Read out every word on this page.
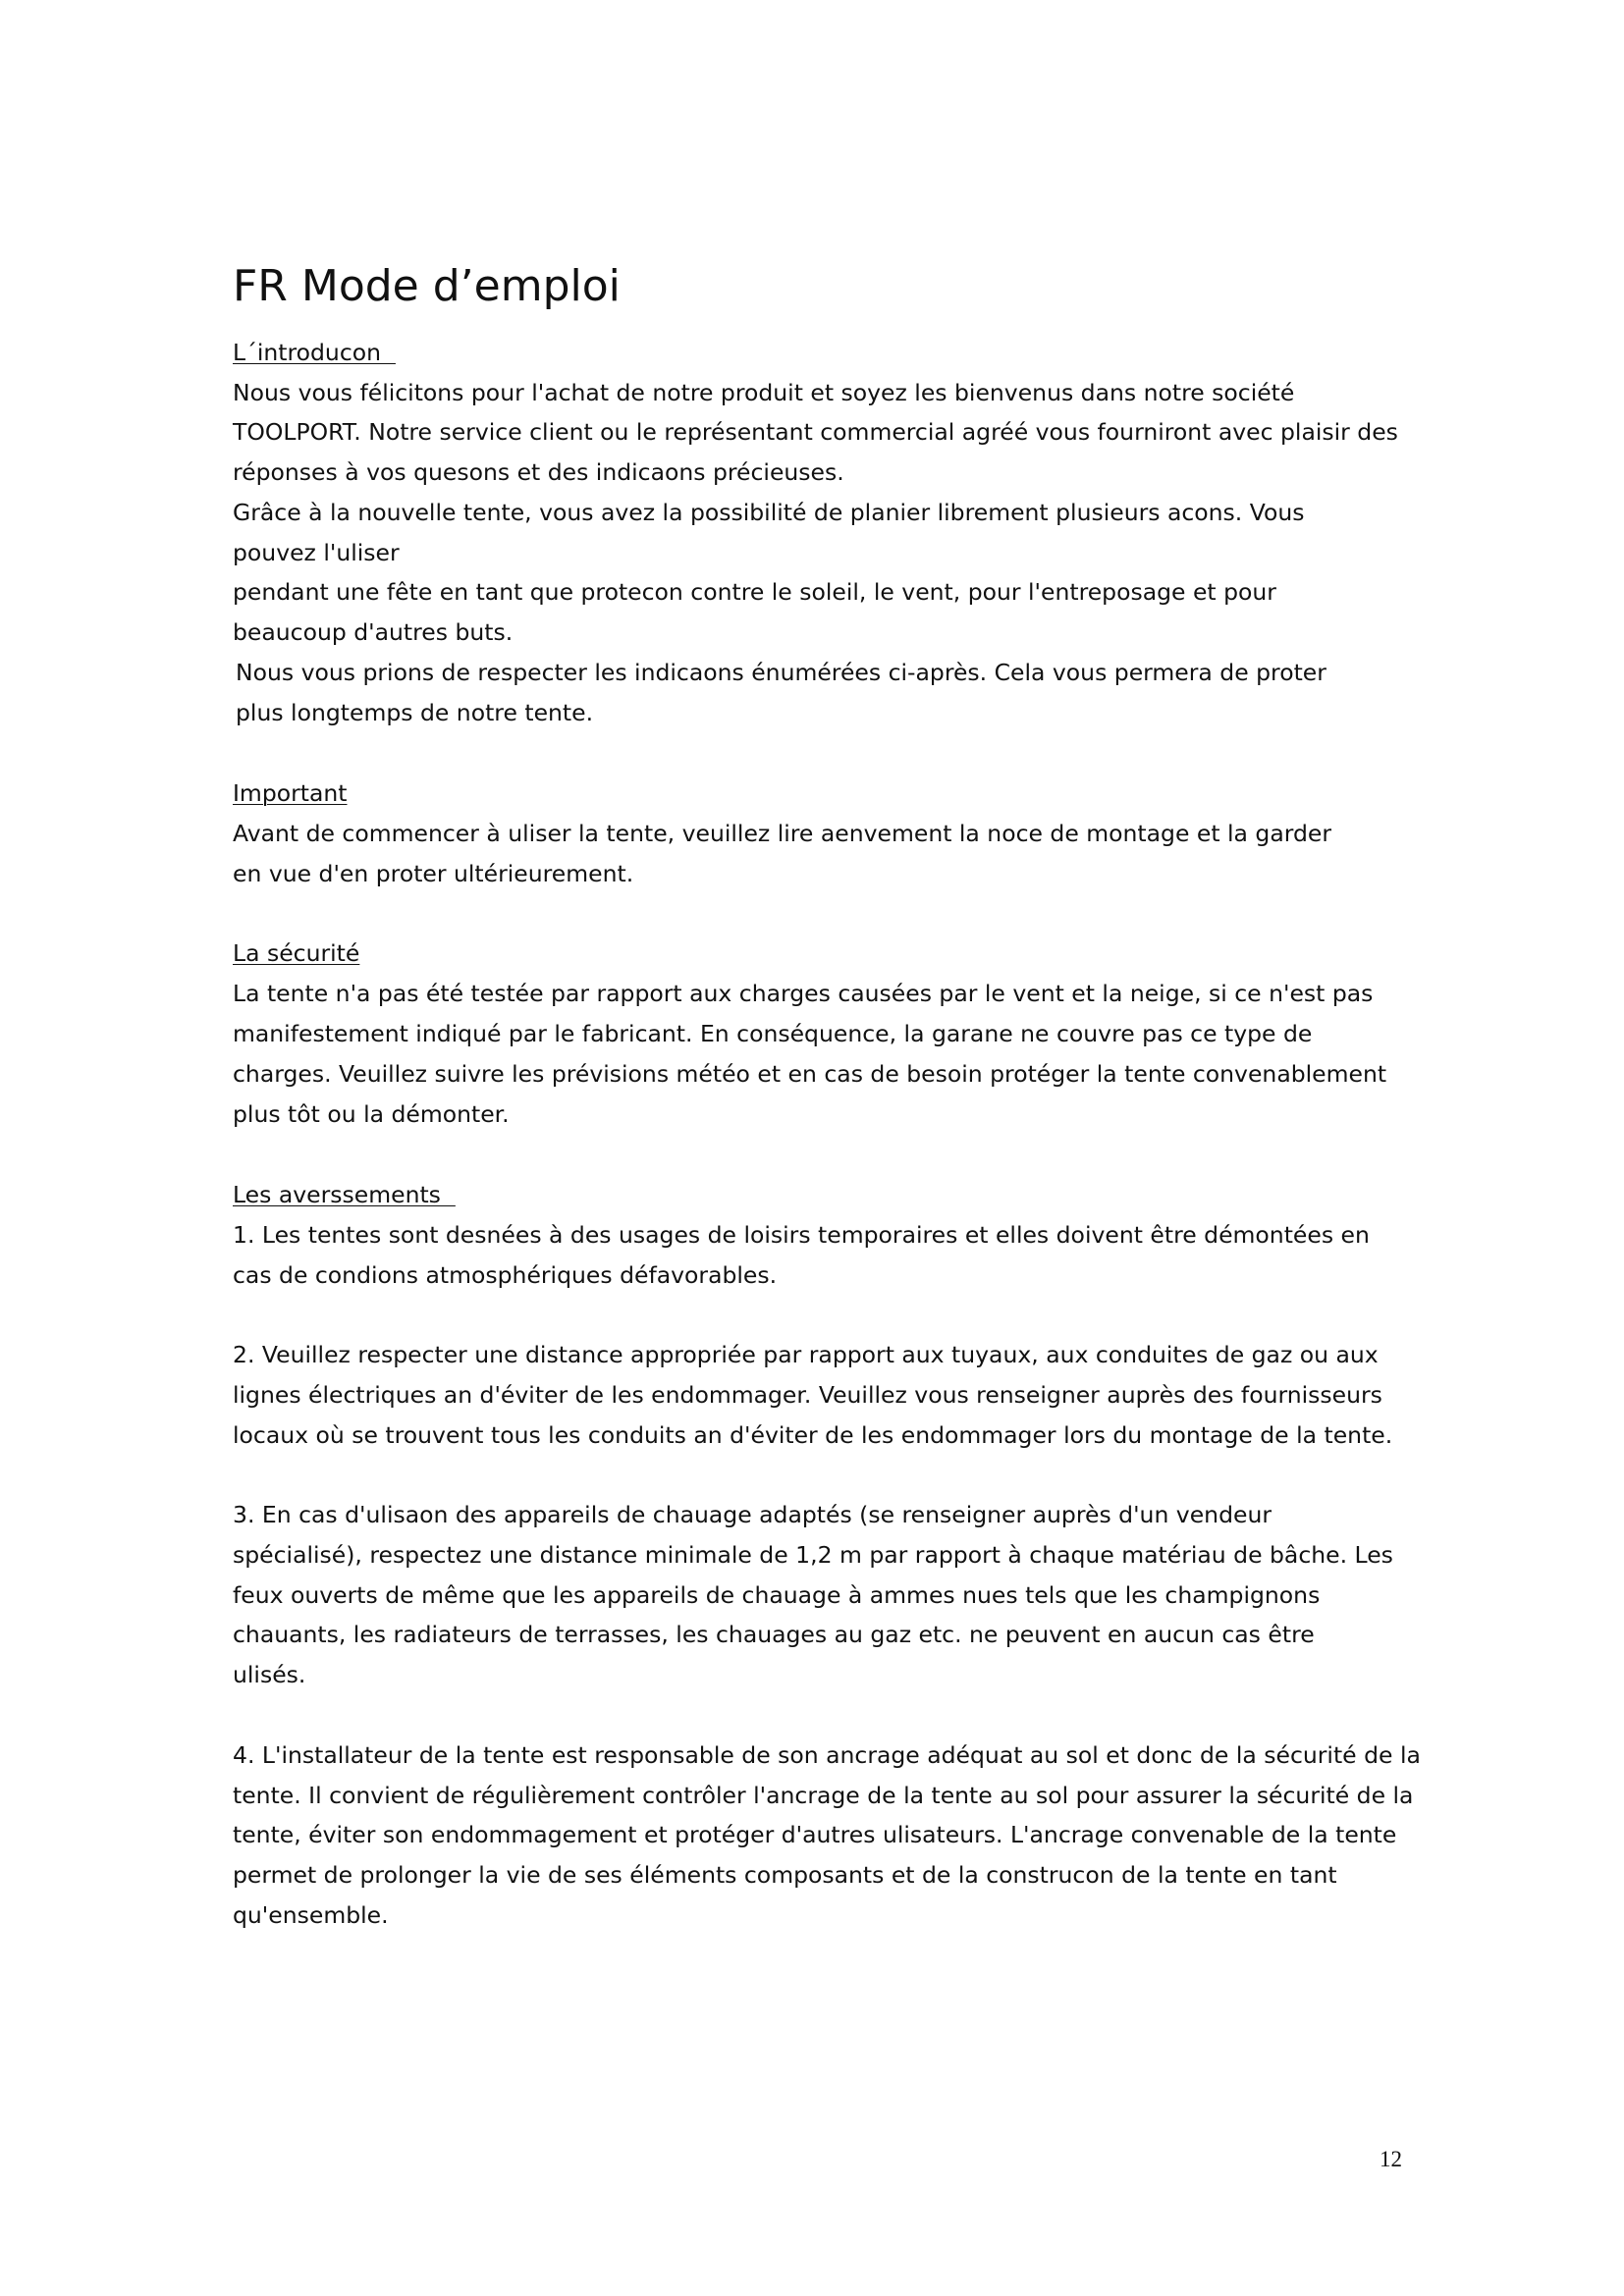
FR Mode d’emploi
L´introducon
Nous vous félicitons pour l'achat de notre produit et soyez les bienvenus dans notre société
TOOLPORT. Notre service client ou le représentant commercial agréé vous fourniront avec plaisir des
réponses à vos quesons et des indicaons précieuses.
Grâce à la nouvelle tente, vous avez la possibilité de planier librement plusieurs acons. Vous
pouvez l'uliser
pendant une fête en tant que protecon contre le soleil, le vent, pour l'entreposage et pour
beaucoup d'autres buts.
Nous vous prions de respecter les indicaons énumérées ci-après. Cela vous permera de proter
plus longtemps de notre tente.
Important
Avant de commencer à uliser la tente, veuillez lire aenvement la noce de montage et la garder
en vue d'en proter ultérieurement.
La sécurité
La tente n'a pas été testée par rapport aux charges causées par le vent et la neige, si ce n'est pas
manifestement indiqué par le fabricant. En conséquence, la garane ne couvre pas ce type de
charges. Veuillez suivre les prévisions météo et en cas de besoin protéger la tente convenablement
plus tôt ou la démonter.
Les averssements
1. Les tentes sont desnées à des usages de loisirs temporaires et elles doivent être démontées en
cas de condions atmosphériques défavorables.
2. Veuillez respecter une distance appropriée par rapport aux tuyaux, aux conduites de gaz ou aux
lignes électriques an d'éviter de les endommager. Veuillez vous renseigner auprès des fournisseurs
locaux où se trouvent tous les conduits an d'éviter de les endommager lors du montage de la tente.
3. En cas d'ulisaon des appareils de chauage adaptés (se renseigner auprès d'un vendeur
spécialisé), respectez une distance minimale de 1,2 m par rapport à chaque matériau de bâche. Les
feux ouverts de même que les appareils de chauage à ammes nues tels que les champignons
chauants, les radiateurs de terrasses, les chauages au gaz etc. ne peuvent en aucun cas être
ulisés.
4. L'installateur de la tente est responsable de son ancrage adéquat au sol et donc de la sécurité de la
tente. Il convient de régulièrement contrôler l'ancrage de la tente au sol pour assurer la sécurité de la
tente, éviter son endommagement et protéger d'autres ulisateurs. L'ancrage convenable de la tente
permet de prolonger la vie de ses éléments composants et de la construcon de la tente en tant
qu'ensemble.
12
